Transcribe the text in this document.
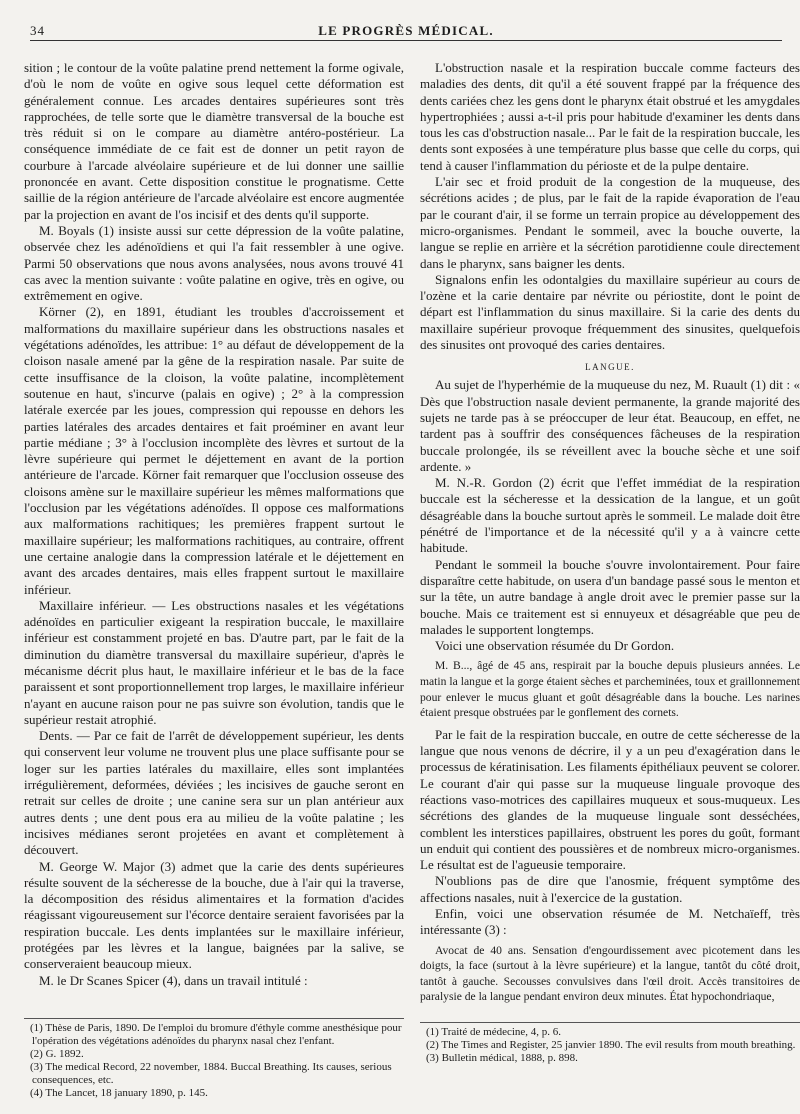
34	LE PROGRÈS MÉDICAL.

sition ; le contour de la voûte palatine prend nettement la forme ogivale, d'où le nom de voûte en ogive sous lequel cette déformation est généralement connue. Les arcades dentaires supérieures sont très rapprochées, de telle sorte que le diamètre transversal de la bouche est très réduit si on le compare au diamètre antéro-postérieur. La conséquence immédiate de ce fait est de donner un petit rayon de courbure à l'arcade alvéolaire supérieure et de lui donner une saillie prononcée en avant. Cette disposition constitue le prognatisme. Cette saillie de la région antérieure de l'arcade alvéolaire est encore augmentée par la projection en avant de l'os incisif et des dents qu'il supporte.

M. Boyals (1) insiste aussi sur cette dépression de la voûte palatine, observée chez les adénoïdiens et qui l'a fait ressembler à une ogive. Parmi 50 observations que nous avons analysées, nous avons trouvé 41 cas avec la mention suivante : voûte palatine en ogive, très en ogive, ou extrêmement en ogive.

Körner (2), en 1891, étudiant les troubles d'accroissement et malformations du maxillaire supérieur dans les obstructions nasales et végétations adénoïdes, les attribue: 1° au défaut de développement de la cloison nasale amené par la gêne de la respiration nasale. Par suite de cette insuffisance de la cloison, la voûte palatine, incomplètement soutenue en haut, s'incurve (palais en ogive) ; 2° à la compression latérale exercée par les joues, compression qui repousse en dehors les parties latérales des arcades dentaires et fait proéminer en avant leur partie médiane ; 3° à l'occlusion incomplète des lèvres et surtout de la lèvre supérieure qui permet le déjettement en avant de la portion antérieure de l'arcade. Körner fait remarquer que l'occlusion osseuse des cloisons amène sur le maxillaire supérieur les mêmes malformations que l'occlusion par les végétations adénoïdes. Il oppose ces malformations aux malformations rachitiques; les premières frappent surtout le maxillaire supérieur; les malformations rachitiques, au contraire, offrent une certaine analogie dans la compression latérale et le déjettement en avant des arcades dentaires, mais elles frappent surtout le maxillaire inférieur.

Maxillaire inférieur. — Les obstructions nasales et les végétations adénoïdes en particulier exigeant la respiration buccale, le maxillaire inférieur est constamment projeté en bas. D'autre part, par le fait de la diminution du diamètre transversal du maxillaire supérieur, d'après le mécanisme décrit plus haut, le maxillaire inférieur et le bas de la face paraissent et sont proportionnellement trop larges, le maxillaire inférieur n'ayant en aucune raison pour ne pas suivre son évolution, tandis que le supérieur restait atrophié.

Dents. — Par ce fait de l'arrêt de développement supérieur, les dents qui conservent leur volume ne trouvent plus une place suffisante pour se loger sur les parties latérales du maxillaire, elles sont implantées irrégulièrement, deformées, déviées ; les incisives de gauche seront en retrait sur celles de droite ; une canine sera sur un plan antérieur aux autres dents ; une dent pous era au milieu de la voûte palatine ; les incisives médianes seront projetées en avant et complètement à découvert.

M. George W. Major (3) admet que la carie des dents supérieures résulte souvent de la sécheresse de la bouche, due à l'air qui la traverse, la décomposition des résidus alimentaires et la formation d'acides réagissant vigoureusement sur l'écorce dentaire seraient favorisées par la respiration buccale. Les dents implantées sur le maxillaire inférieur, protégées par les lèvres et la langue, baignées par la salive, se conserveraient beaucoup mieux.

M. le Dr Scanes Spicer (4), dans un travail intitulé :

(1) Thèse de Paris, 1890. De l'emploi du bromure d'éthyle comme anesthésique pour l'opération des végétations adénoïdes du pharynx nasal chez l'enfant.

(2) G. 1892.

(3) The medical Record, 22 november, 1884. Buccal Breathing. Its causes, serious consequences, etc.

(4) The Lancet, 18 january 1890, p. 145.

L'obstruction nasale et la respiration buccale comme facteurs des maladies des dents, dit qu'il a été souvent frappé par la fréquence des dents cariées chez les gens dont le pharynx était obstrué et les amygdales hypertrophiées ; aussi a-t-il pris pour habitude d'examiner les dents dans tous les cas d'obstruction nasale... Par le fait de la respiration buccale, les dents sont exposées à une température plus basse que celle du corps, qui tend à causer l'inflammation du périoste et de la pulpe dentaire.

L'air sec et froid produit de la congestion de la muqueuse, des sécrétions acides ; de plus, par le fait de la rapide évaporation de l'eau par le courant d'air, il se forme un terrain propice au développement des micro-organismes. Pendant le sommeil, avec la bouche ouverte, la langue se replie en arrière et la sécrétion parotidienne coule directement dans le pharynx, sans baigner les dents.

Signalons enfin les odontalgies du maxillaire supérieur au cours de l'ozène et la carie dentaire par névrite ou périostite, dont le point de départ est l'inflammation du sinus maxillaire. Si la carie des dents du maxillaire supérieur provoque fréquemment des sinusites, quelquefois des sinusites ont provoqué des caries dentaires.

LANGUE.

Au sujet de l'hyperhémie de la muqueuse du nez, M. Ruault (1) dit : « Dès que l'obstruction nasale devient permanente, la grande majorité des sujets ne tarde pas à se préoccuper de leur état. Beaucoup, en effet, ne tardent pas à souffrir des conséquences fâcheuses de la respiration buccale prolongée, ils se réveillent avec la bouche sèche et une soif ardente. »

M. N.-R. Gordon (2) écrit que l'effet immédiat de la respiration buccale est la sécheresse et la dessication de la langue, et un goût désagréable dans la bouche surtout après le sommeil. Le malade doit être pénétré de l'importance et de la nécessité qu'il y a à vaincre cette habitude.

Pendant le sommeil la bouche s'ouvre involontairement. Pour faire disparaître cette habitude, on usera d'un bandage passé sous le menton et sur la tête, un autre bandage à angle droit avec le premier passe sur la bouche. Mais ce traitement est si ennuyeux et désagréable que peu de malades le supportent longtemps.

Voici une observation résumée du Dr Gordon.

M. B..., âgé de 45 ans, respirait par la bouche depuis plusieurs années. Le matin la langue et la gorge étaient sèches et parcheminées, toux et graillonnement pour enlever le mucus gluant et goût désagréable dans la bouche. Les narines étaient presque obstruées par le gonflement des cornets.

Par le fait de la respiration buccale, en outre de cette sécheresse de la langue que nous venons de décrire, il y a un peu d'exagération dans le processus de kératinisation. Les filaments épithéliaux peuvent se colorer. Le courant d'air qui passe sur la muqueuse linguale provoque des réactions vaso-motrices des capillaires muqueux et sous-muqueux. Les sécrétions des glandes de la muqueuse linguale sont desséchées, comblent les interstices papillaires, obstruent les pores du goût, formant un enduit qui contient des poussières et de nombreux micro-organismes. Le résultat est de l'agueusie temporaire.

N'oublions pas de dire que l'anosmie, fréquent symptôme des affections nasales, nuit à l'exercice de la gustation.

Enfin, voici une observation résumée de M. Netchaïeff, très intéressante (3) :

Avocat de 40 ans. Sensation d'engourdissement avec picotement dans les doigts, la face (surtout à la lèvre supérieure) et la langue, tantôt du côté droit, tantôt à gauche. Secousses convulsives dans l'œil droit. Accès transitoires de paralysie de la langue pendant environ deux minutes. État hypochondriaque,

(1) Traité de médecine, 4, p. 6.

(2) The Times and Register, 25 janvier 1890. The evil results from mouth breathing.

(3) Bulletin médical, 1888, p. 898.
